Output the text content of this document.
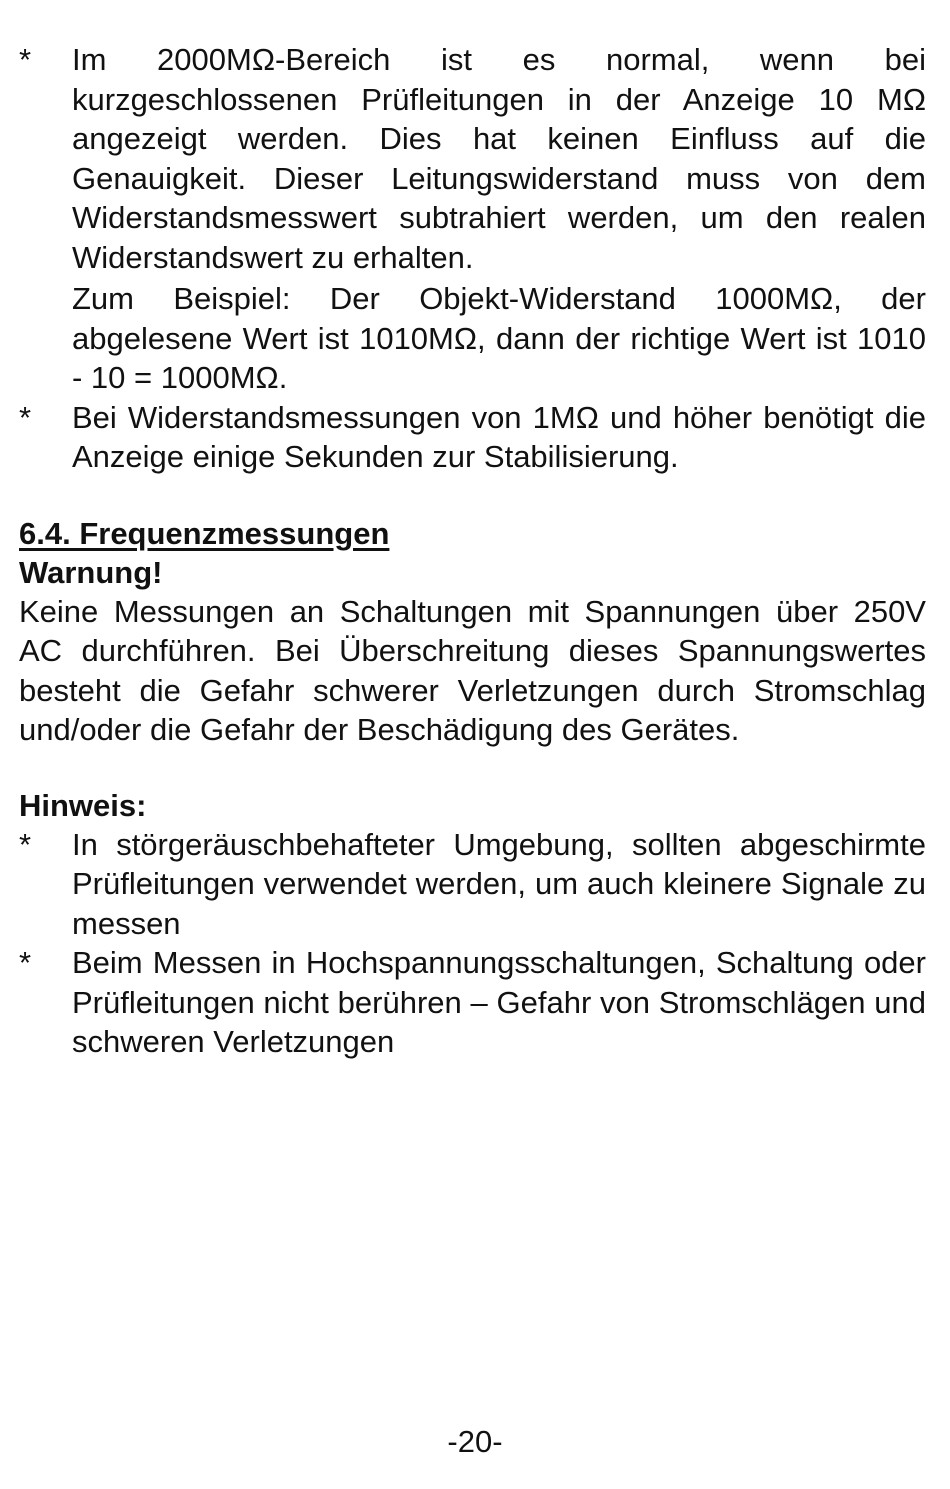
*	Im 2000MΩ-Bereich ist es normal, wenn bei kurzgeschlossenen Prüfleitungen in der Anzeige 10 MΩ angezeigt werden. Dies hat keinen Einfluss auf die Genauigkeit. Dieser Leitungswiderstand muss von dem Widerstandsmesswert subtrahiert werden, um den realen Widerstandswert zu erhalten.
Zum Beispiel: Der Objekt-Widerstand 1000MΩ, der abgelesene Wert ist 1010MΩ, dann der richtige Wert ist 1010 - 10 = 1000MΩ.
*	Bei Widerstandsmessungen von 1MΩ und höher benötigt die Anzeige einige Sekunden zur Stabilisierung.
6.4. Frequenzmessungen
Warnung!
Keine Messungen an Schaltungen mit Spannungen über 250V AC durchführen. Bei Überschreitung dieses Spannungswertes besteht die Gefahr schwerer Verletzungen durch Stromschlag und/oder die Gefahr der Beschädigung des Gerätes.
Hinweis:
*	In störgeräuschbehafteter Umgebung, sollten abgeschirmte Prüfleitungen verwendet werden, um auch kleinere Signale zu messen
*	Beim Messen in Hochspannungsschaltungen, Schaltung oder Prüfleitungen nicht berühren – Gefahr von Stromschlägen und schweren Verletzungen
-20-
